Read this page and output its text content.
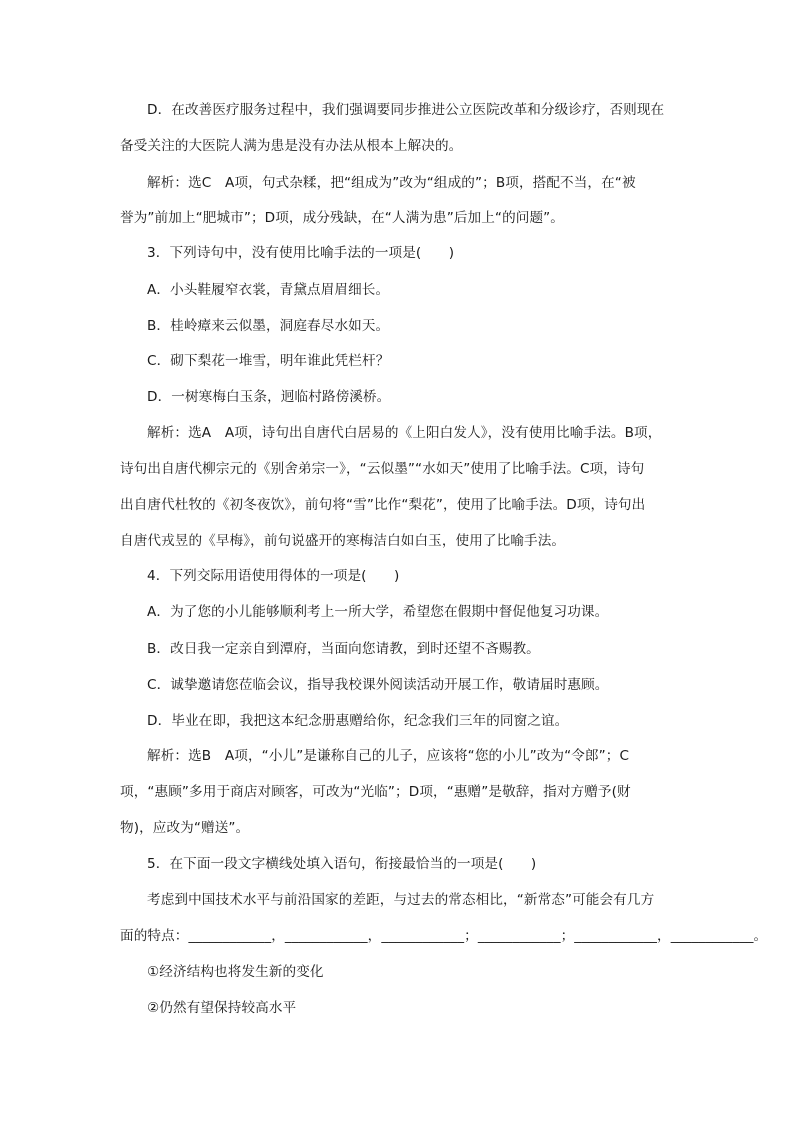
D．在改善医疗服务过程中，我们强调要同步推进公立医院改革和分级诊疗，否则现在
备受关注的大医院人满为患是没有办法从根本上解决的。
解析：选C　A项，句式杂糅，把“组成为”改为“组成的”；B项，搭配不当，在“被
誉为”前加上“肥城市”；D项，成分残缺，在“人满为患”后加上“的问题”。
3．下列诗句中，没有使用比喻手法的一项是(　　)
A．小头鞋履窄衣裳，青黛点眉眉细长。
B．桂岭瘴来云似墨，洞庭春尽水如天。
C．砌下梨花一堆雪，明年谁此凭栏杆？
D．一树寒梅白玉条，迥临村路傍溪桥。
解析：选A　A项，诗句出自唐代白居易的《上阳白发人》，没有使用比喻手法。B项，
诗句出自唐代柳宗元的《别舍弟宗一》，“云似墨”“水如天”使用了比喻手法。C项，诗句
出自唐代杜牧的《初冬夜饮》，前句将“雪”比作“梨花”，使用了比喻手法。D项，诗句出
自唐代戎昱的《早梅》，前句说盛开的寒梅洁白如白玉，使用了比喻手法。
4．下列交际用语使用得体的一项是(　　)
A．为了您的小儿能够顺利考上一所大学，希望您在假期中督促他复习功课。
B．改日我一定亲自到潭府，当面向您请教，到时还望不吝赐教。
C．诚挚邀请您莅临会议，指导我校课外阅读活动开展工作，敬请届时惠顾。
D．毕业在即，我把这本纪念册惠赠给你，纪念我们三年的同窗之谊。
解析：选B　A项，“小儿”是谦称自己的儿子，应该将“您的小儿”改为“令郎”；C
项，“惠顾”多用于商店对顾客，可改为“光临”；D项，“惠赠”是敬辞，指对方赠予(财
物)，应改为“赠送”。
5．在下面一段文字横线处填入语句，衔接最恰当的一项是(　　)
考虑到中国技术水平与前沿国家的差距，与过去的常态相比，“新常态”可能会有几方
面的特点：____________，____________，____________；____________；____________，____________。
①经济结构也将发生新的变化
②仍然有望保持较高水平
